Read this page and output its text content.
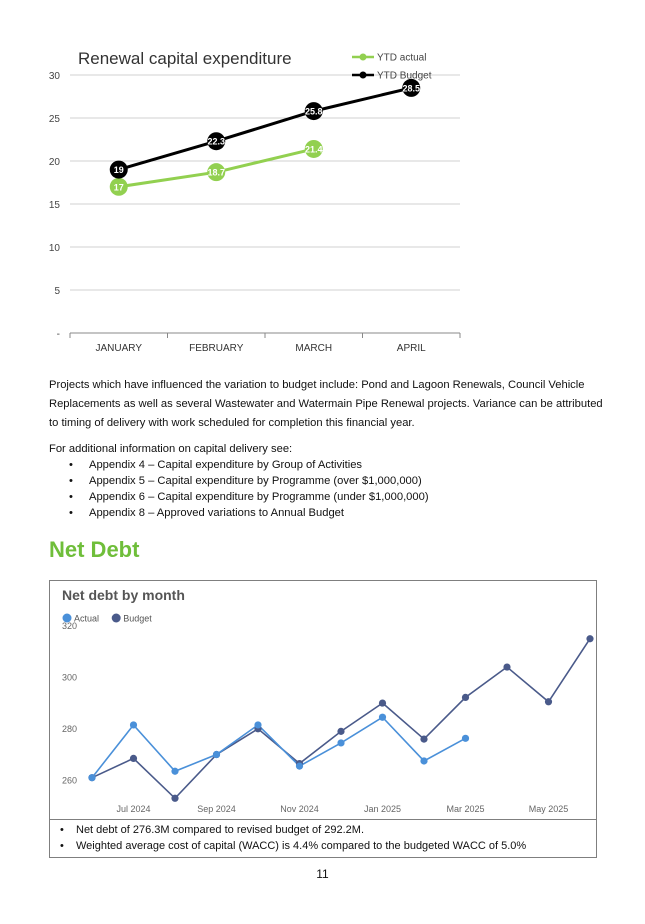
-
5
10
15
20
25
30
JANUARY	FEBRUARY	MARCH	APRIL
17
18.7
21.4
19
22.3
25.8
28.5
YTD actual
YTD Budget
Renewal capital expenditure

Projects which have influenced the variation to budget include: Pond and Lagoon Renewals, Council Vehicle Replacements as well as several Wastewater and Watermain Pipe Renewal projects. Variance can be attributed to timing of delivery with work scheduled for completion this financial year.

For additional information on capital delivery see:

• Appendix 4 – Capital expenditure by Group of Activities
• Appendix 5 – Capital expenditure by Programme (over $1,000,000)
• Appendix 6 – Capital expenditure by Programme (under $1,000,000)
• Appendix 8 – Approved variations to Annual Budget
Net Debt
Net debt by month
Actual	Budget
260
280
300
320
Jul 2024	Sep 2024	Nov 2024	Jan 2025	Mar 2025	May 2025
• Net debt of 276.3M compared to revised budget of 292.2M.
• Weighted average cost of capital (WACC) is 4.4% compared to the budgeted WACC of 5.0%
11
